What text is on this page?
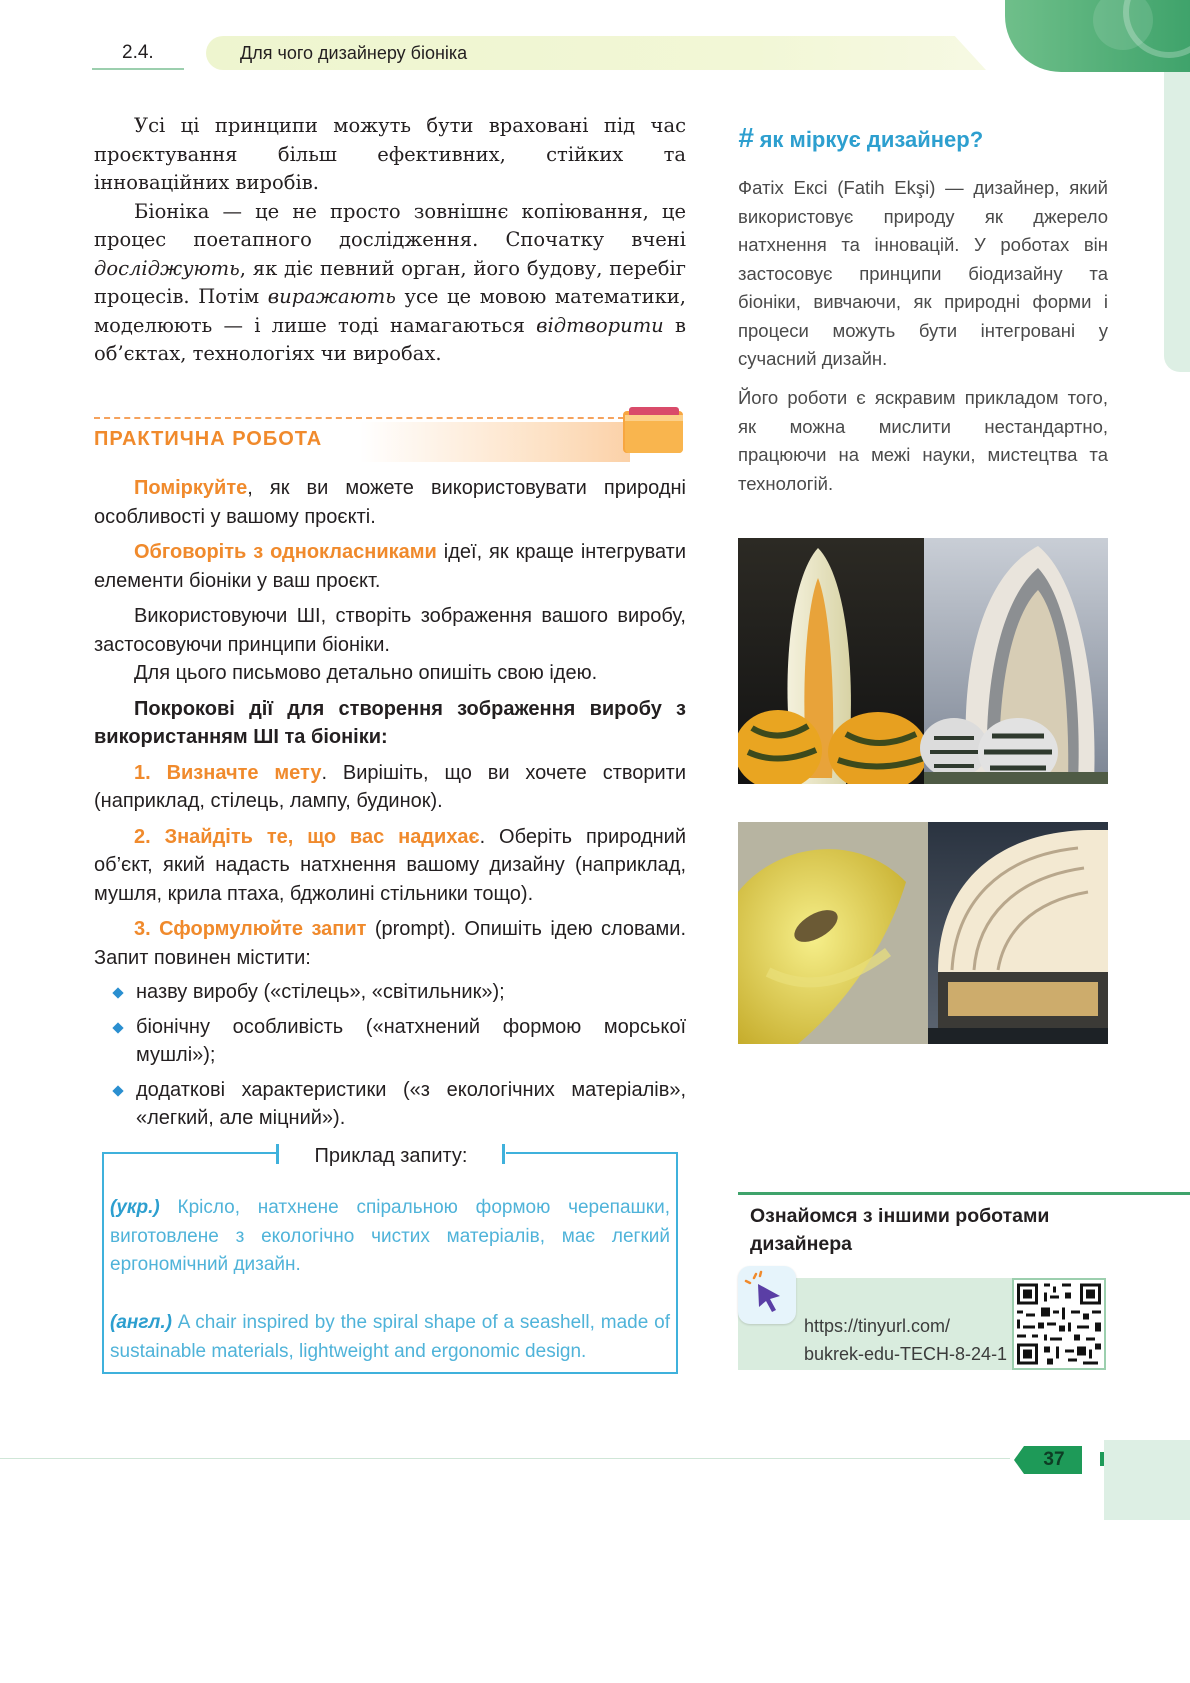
2.4.	Для чого дизайнеру біоніка

Усі ці принципи можуть бути враховані під час проєктування більш ефективних, стійких та інноваційних виробів.

Біоніка — це не просто зовнішнє копіювання, це процес поетапного дослідження. Спочатку вчені досліджують, як діє певний орган, його будову, перебіг процесів. Потім виражають усе це мовою математики, моделюють — і лише тоді намагаються відтворити в об’єктах, технологіях чи виробах.

ПРАКТИЧНА РОБОТА

Поміркуйте, як ви можете використовувати природні особливості у вашому проєкті.

Обговоріть з однокласниками ідеї, як краще інтегрувати елементи біоніки у ваш проєкт.

Використовуючи ШІ, створіть зображення вашого виробу, застосовуючи принципи біоніки.

Для цього письмово детально опишіть свою ідею.

Покрокові дії для створення зображення виробу з використанням ШІ та біоніки:

1. Визначте мету. Вирішіть, що ви хочете створити (наприклад, стілець, лампу, будинок).

2. Знайдіть те, що вас надихає. Оберіть природний об’єкт, який надасть натхнення вашому дизайну (наприклад, мушля, крила птаха, бджолині стільники тощо).

3. Сформулюйте запит (prompt). Опишіть ідею словами. Запит повинен містити:

назву виробу («стілець», «світильник»);
біонічну особливість («натхнений формою морської мушлі»);
додаткові характеристики («з екологічних матеріалів», «легкий, але міцний»).
Приклад запиту:
(укр.) Крісло, натхнене спіральною формою черепашки, виготовлене з екологічно чистих матеріалів, має легкий ергономічний дизайн.
(англ.) A chair inspired by the spiral shape of a seashell, made of sustainable materials, lightweight and ergonomic design.
# як міркує дизайнер?
Фатіх Ексі (Fatih Ekşi) — дизайнер, який використовує природу як джерело натхнення та інновацій. У роботах він застосовує принципи біодизайну та біоніки, вивчаючи, як природні форми і процеси можуть бути інтегровані у сучасний дизайн.
Його роботи є яскравим прикладом того, як можна мислити нестандартно, працюючи на межі науки, мистецтва та технологій.
Ознайомся з іншими роботами дизайнера
https://tinyurl.com/
bukrek-edu-TECH-8-24-1
37
